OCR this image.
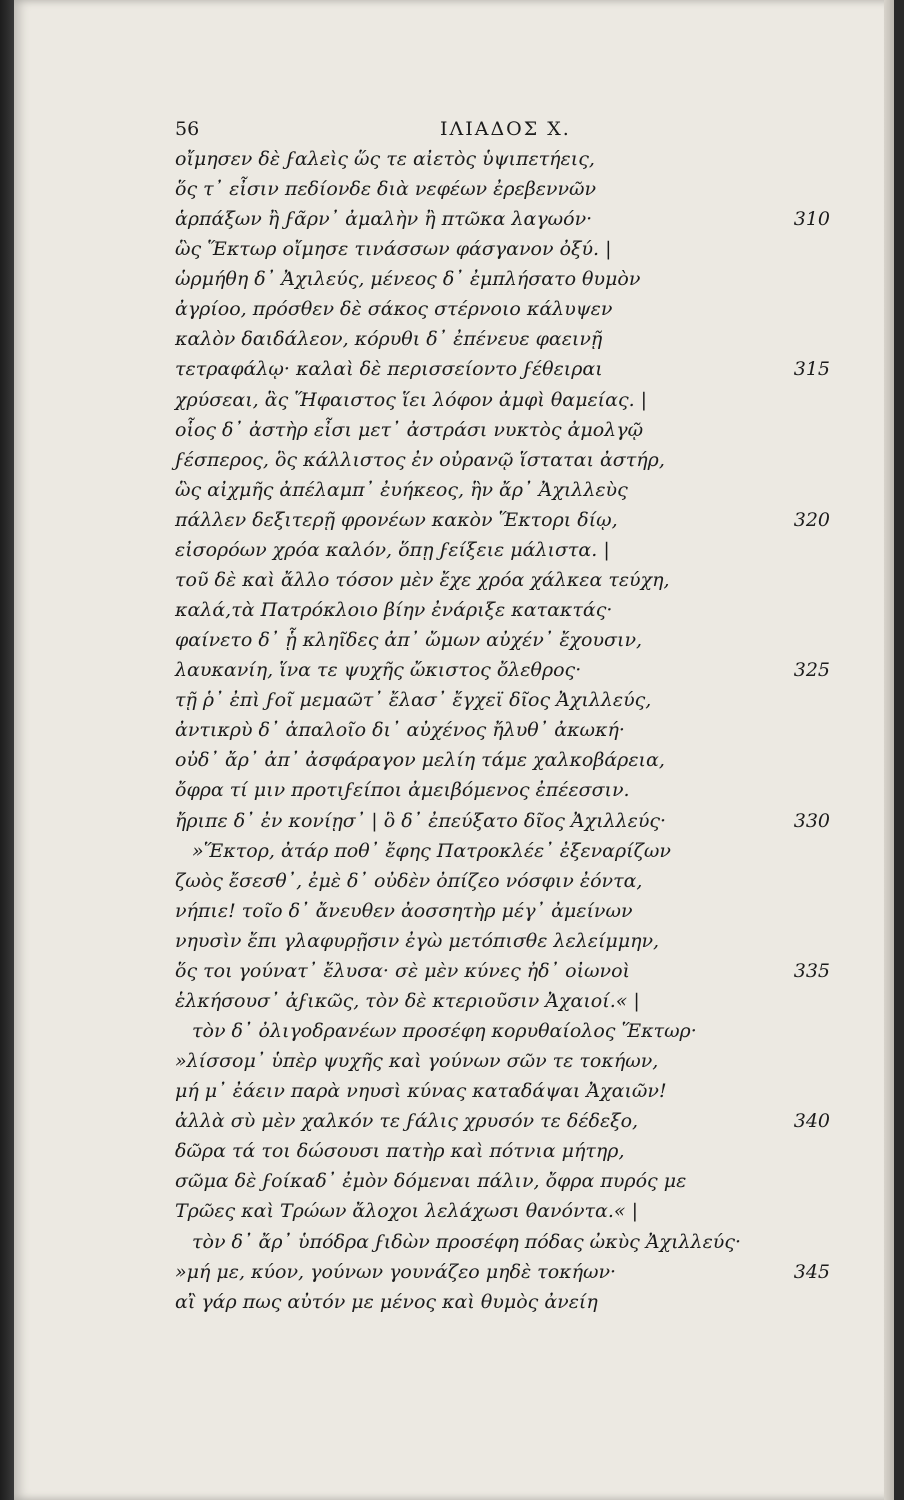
56	ΙΛΙΑΔΟΣ Χ.
οἴμησεν δὲ ϝαλεὶς ὥς τε αἰετὸς ὑψιπετήεις,
ὅς τ᾽ εἶσιν πεδίονδε διὰ νεφέων ἐρεβεννῶν
ἁρπάξων ἢ ϝᾶρν᾽ ἀμαλὴν ἢ πτῶκα λαγωόν·
ὣς Ἕκτωρ οἴμησε τινάσσων φάσγανον ὀξύ. |
ὡρμήθη δ᾽ Ἀχιλεύς, μένεος δ᾽ ἐμπλήσατο θυμὸν
ἀγρίοο, πρόσθεν δὲ σάκος στέρνοιο κάλυψεν
καλὸν δαιδάλεον, κόρυθι δ᾽ ἐπένευε φαεινῇ
τετραφάλῳ· καλαὶ δὲ περισσείοντο ϝέθειραι
χρύσεαι, ἃς Ἥφαιστος ἵει λόφον ἀμφὶ θαμείας. |
οἷος δ᾽ ἀστὴρ εἶσι μετ᾽ ἀστράσι νυκτὸς ἀμολγῷ
ϝέσπερος, ὃς κάλλιστος ἐν οὐρανῷ ἵσταται ἀστήρ,
ὣς αἰχμῆς ἀπέλαμπ᾽ ἐυήκεος, ἣν ἄρ᾽ Ἀχιλλεὺς
πάλλεν δεξιτερῇ φρονέων κακὸν Ἕκτορι δίῳ,
εἰσορόων χρόα καλόν, ὅπῃ ϝείξειε μάλιστα. |
τοῦ δὲ καὶ ἄλλο τόσον μὲν ἔχε χρόα χάλκεα τεύχη,
καλά,τὰ Πατρόκλοιο βίην ἐνάριξε κατακτάς·
φαίνετο δ᾽ ᾗ κληῖδες ἀπ᾽ ὤμων αὐχέν᾽ ἔχουσιν,
λαυκανίη, ἵνα τε ψυχῆς ὤκιστος ὄλεθρος·
τῇ ῥ᾽ ἐπὶ ϝοῖ μεμαῶτ᾽ ἔλασ᾽ ἔγχεϊ δῖος Ἀχιλλεύς,
ἀντικρὺ δ᾽ ἁπαλοῖο δι᾽ αὐχένος ἤλυθ᾽ ἀκωκή·
οὐδ᾽ ἄρ᾽ ἀπ᾽ ἀσφάραγον μελίη τάμε χαλκοβάρεια,
ὄφρα τί μιν προτιϝείποι ἀμειβόμενος ἐπέεσσιν.
ἤριπε δ᾽ ἐν κονίῃσ᾽ | ὃ δ᾽ ἐπεύξατο δῖος Ἀχιλλεύς·
»Ἕκτορ, ἀτάρ ποθ᾽ ἔφης Πατροκλέε᾽ ἐξεναρίζων
ζωὸς ἔσεσθ᾽, ἐμὲ δ᾽ οὐδὲν ὀπίζεο νόσφιν ἐόντα,
νήπιε! τοῖο δ᾽ ἄνευθεν ἀοσσητὴρ μέγ᾽ ἀμείνων
νηυσὶν ἔπι γλαφυρῇσιν ἐγὼ μετόπισθε λελείμμην,
ὅς τοι γούνατ᾽ ἔλυσα· σὲ μὲν κύνες ἠδ᾽ οἰωνοὶ
ἑλκήσουσ᾽ ἀϝικῶς, τὸν δὲ κτεριοῦσιν Ἀχαιοί.« |
τὸν δ᾽ ὀλιγοδρανέων προσέφη κορυθαίολος Ἕκτωρ·
»λίσσομ᾽ ὑπὲρ ψυχῆς καὶ γούνων σῶν τε τοκήων,
μή μ᾽ ἐάειν παρὰ νηυσὶ κύνας καταδάψαι Ἀχαιῶν!
ἀλλὰ σὺ μὲν χαλκόν τε ϝάλις χρυσόν τε δέδεξο,
δῶρα τά τοι δώσουσι πατὴρ καὶ πότνια μήτηρ,
σῶμα δὲ ϝοίκαδ᾽ ἐμὸν δόμεναι πάλιν, ὄφρα πυρός με
Τρῶες καὶ Τρώων ἄλοχοι λελάχωσι θανόντα.« |
τὸν δ᾽ ἄρ᾽ ὑπόδρα ϝιδὼν προσέφη πόδας ὠκὺς Ἀχιλλεύς·
»μή με, κύον, γούνων γουνάζεο μηδὲ τοκήων·
αἲ γάρ πως αὐτόν με μένος καὶ θυμὸς ἀνείη
310
315
320
325
330
335
340
345
